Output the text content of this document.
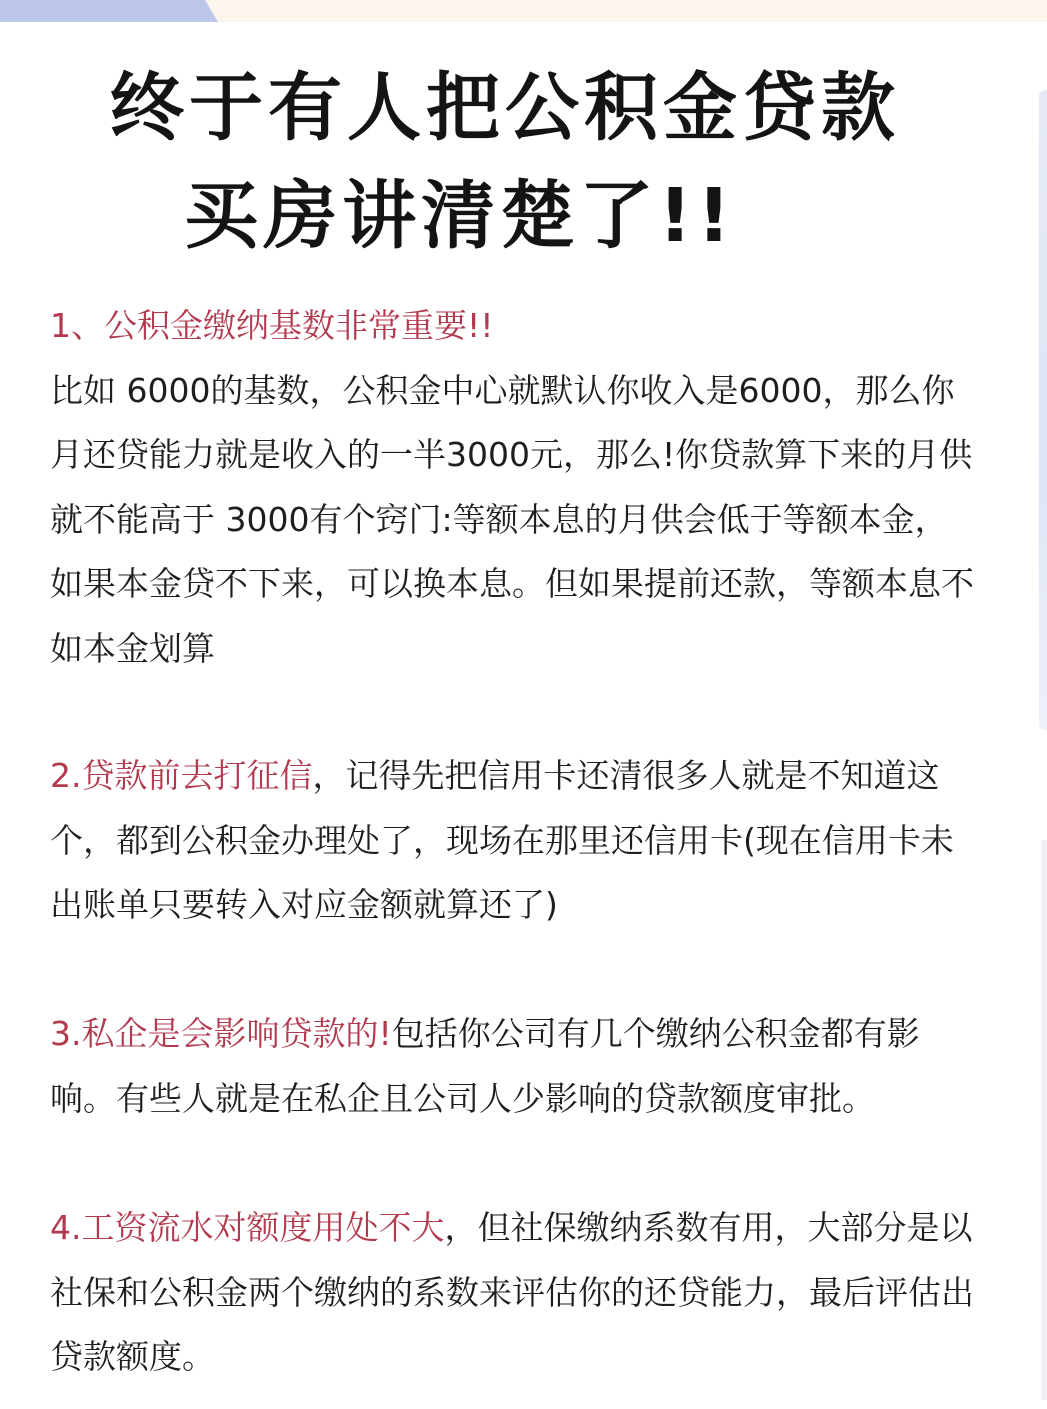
终于有人把公积金贷款
买房讲清楚了!!

1、公积金缴纳基数非常重要!!
比如 6000的基数，公积金中心就默认你收入是6000，那么你月还贷能力就是收入的一半3000元，那么!你贷款算下来的月供就不能高于 3000有个窍门:等额本息的月供会低于等额本金，如果本金贷不下来，可以换本息。但如果提前还款，等额本息不如本金划算

2.贷款前去打征信，记得先把信用卡还清很多人就是不知道这个，都到公积金办理处了，现场在那里还信用卡(现在信用卡未出账单只要转入对应金额就算还了)

3.私企是会影响贷款的!包括你公司有几个缴纳公积金都有影响。有些人就是在私企且公司人少影响的贷款额度审批。

4.工资流水对额度用处不大，但社保缴纳系数有用，大部分是以社保和公积金两个缴纳的系数来评估你的还贷能力，最后评估出贷款额度。
